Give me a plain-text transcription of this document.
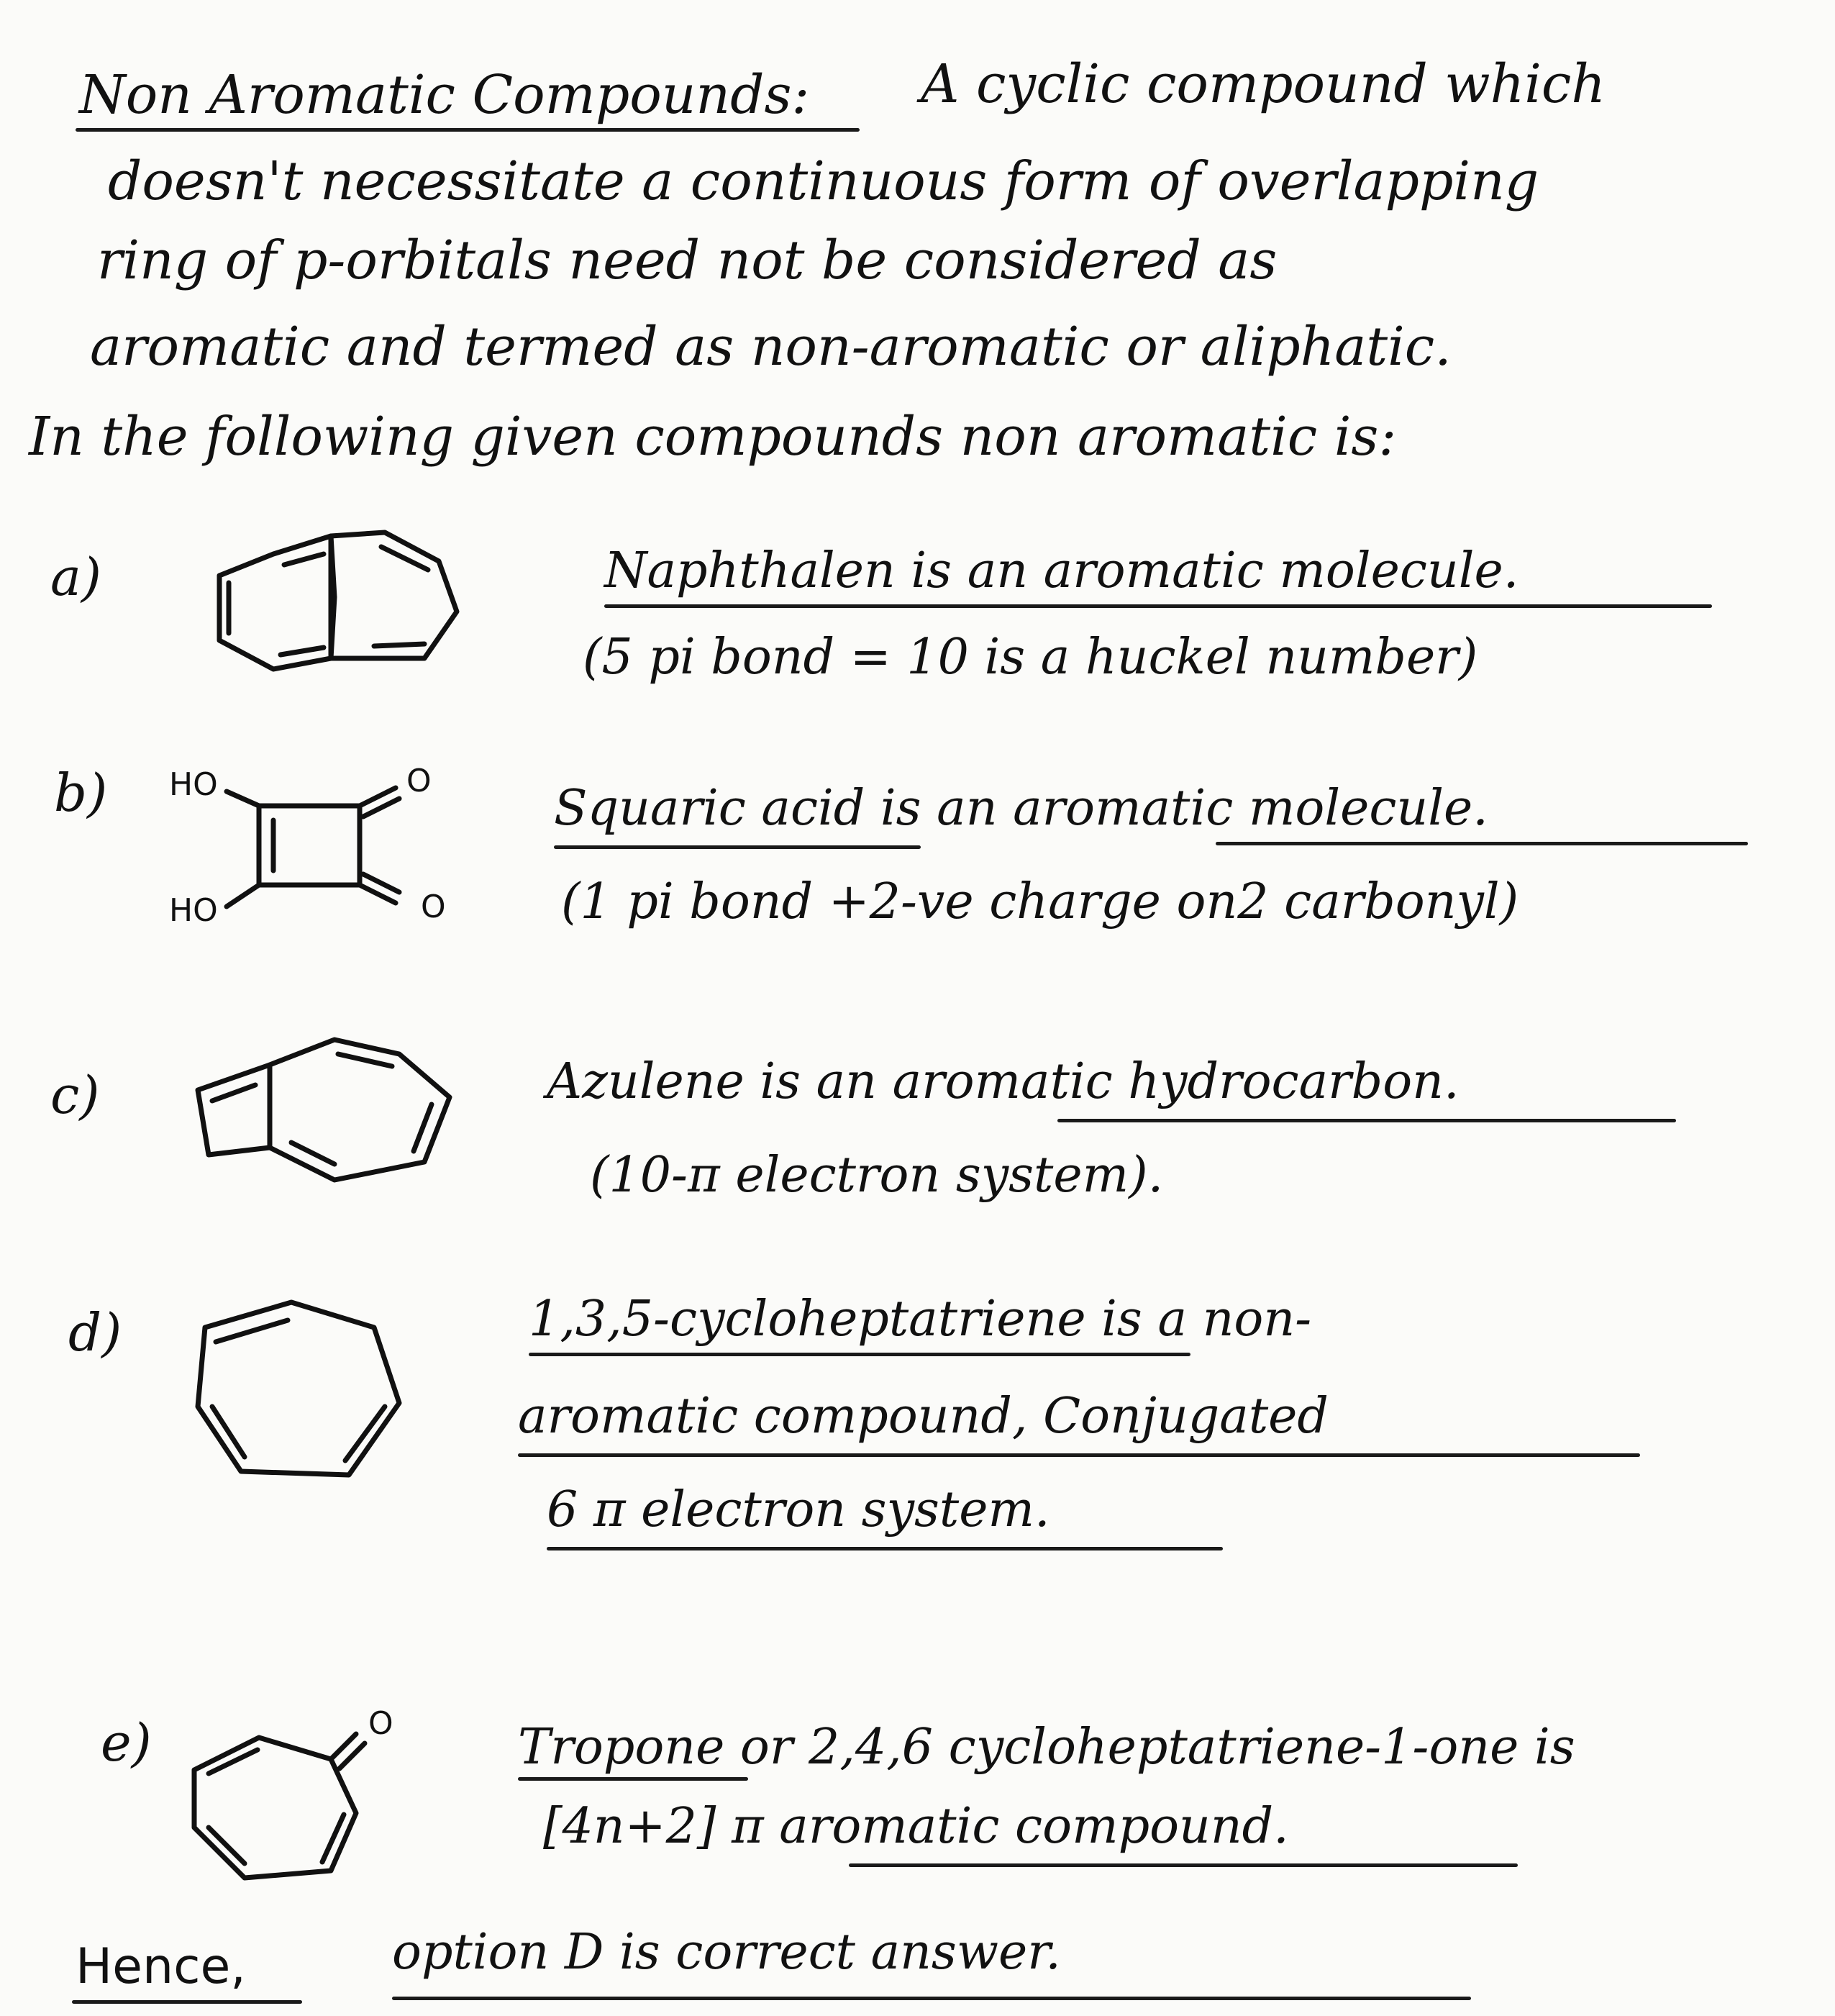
Non Aromatic Compounds: A cyclic compound which
doesn't necessitate a continuous form of overlapping
ring of p-orbitals need not be considered as
aromatic and termed as non-aromatic or aliphatic.
In the following given compounds non aromatic is:
a)	Naphthalen is an aromatic molecule.
(5 pi bond = 10 is a huckel number)
b) HO
HO
O
O
Squaric acid is an aromatic molecule.
(1 pi bond +2-ve charge on2 carbonyl)
c)	Azulene is an aromatic hydrocarbon.
(10-π electron system).
d)	1,3,5-cycloheptatriene is a non-
aromatic compound, Conjugated
6 π electron system.
e)	O	Tropone or 2,4,6 cycloheptatriene-1-one is
[4n+2] π aromatic compound.
Hence,	option D is correct answer.
